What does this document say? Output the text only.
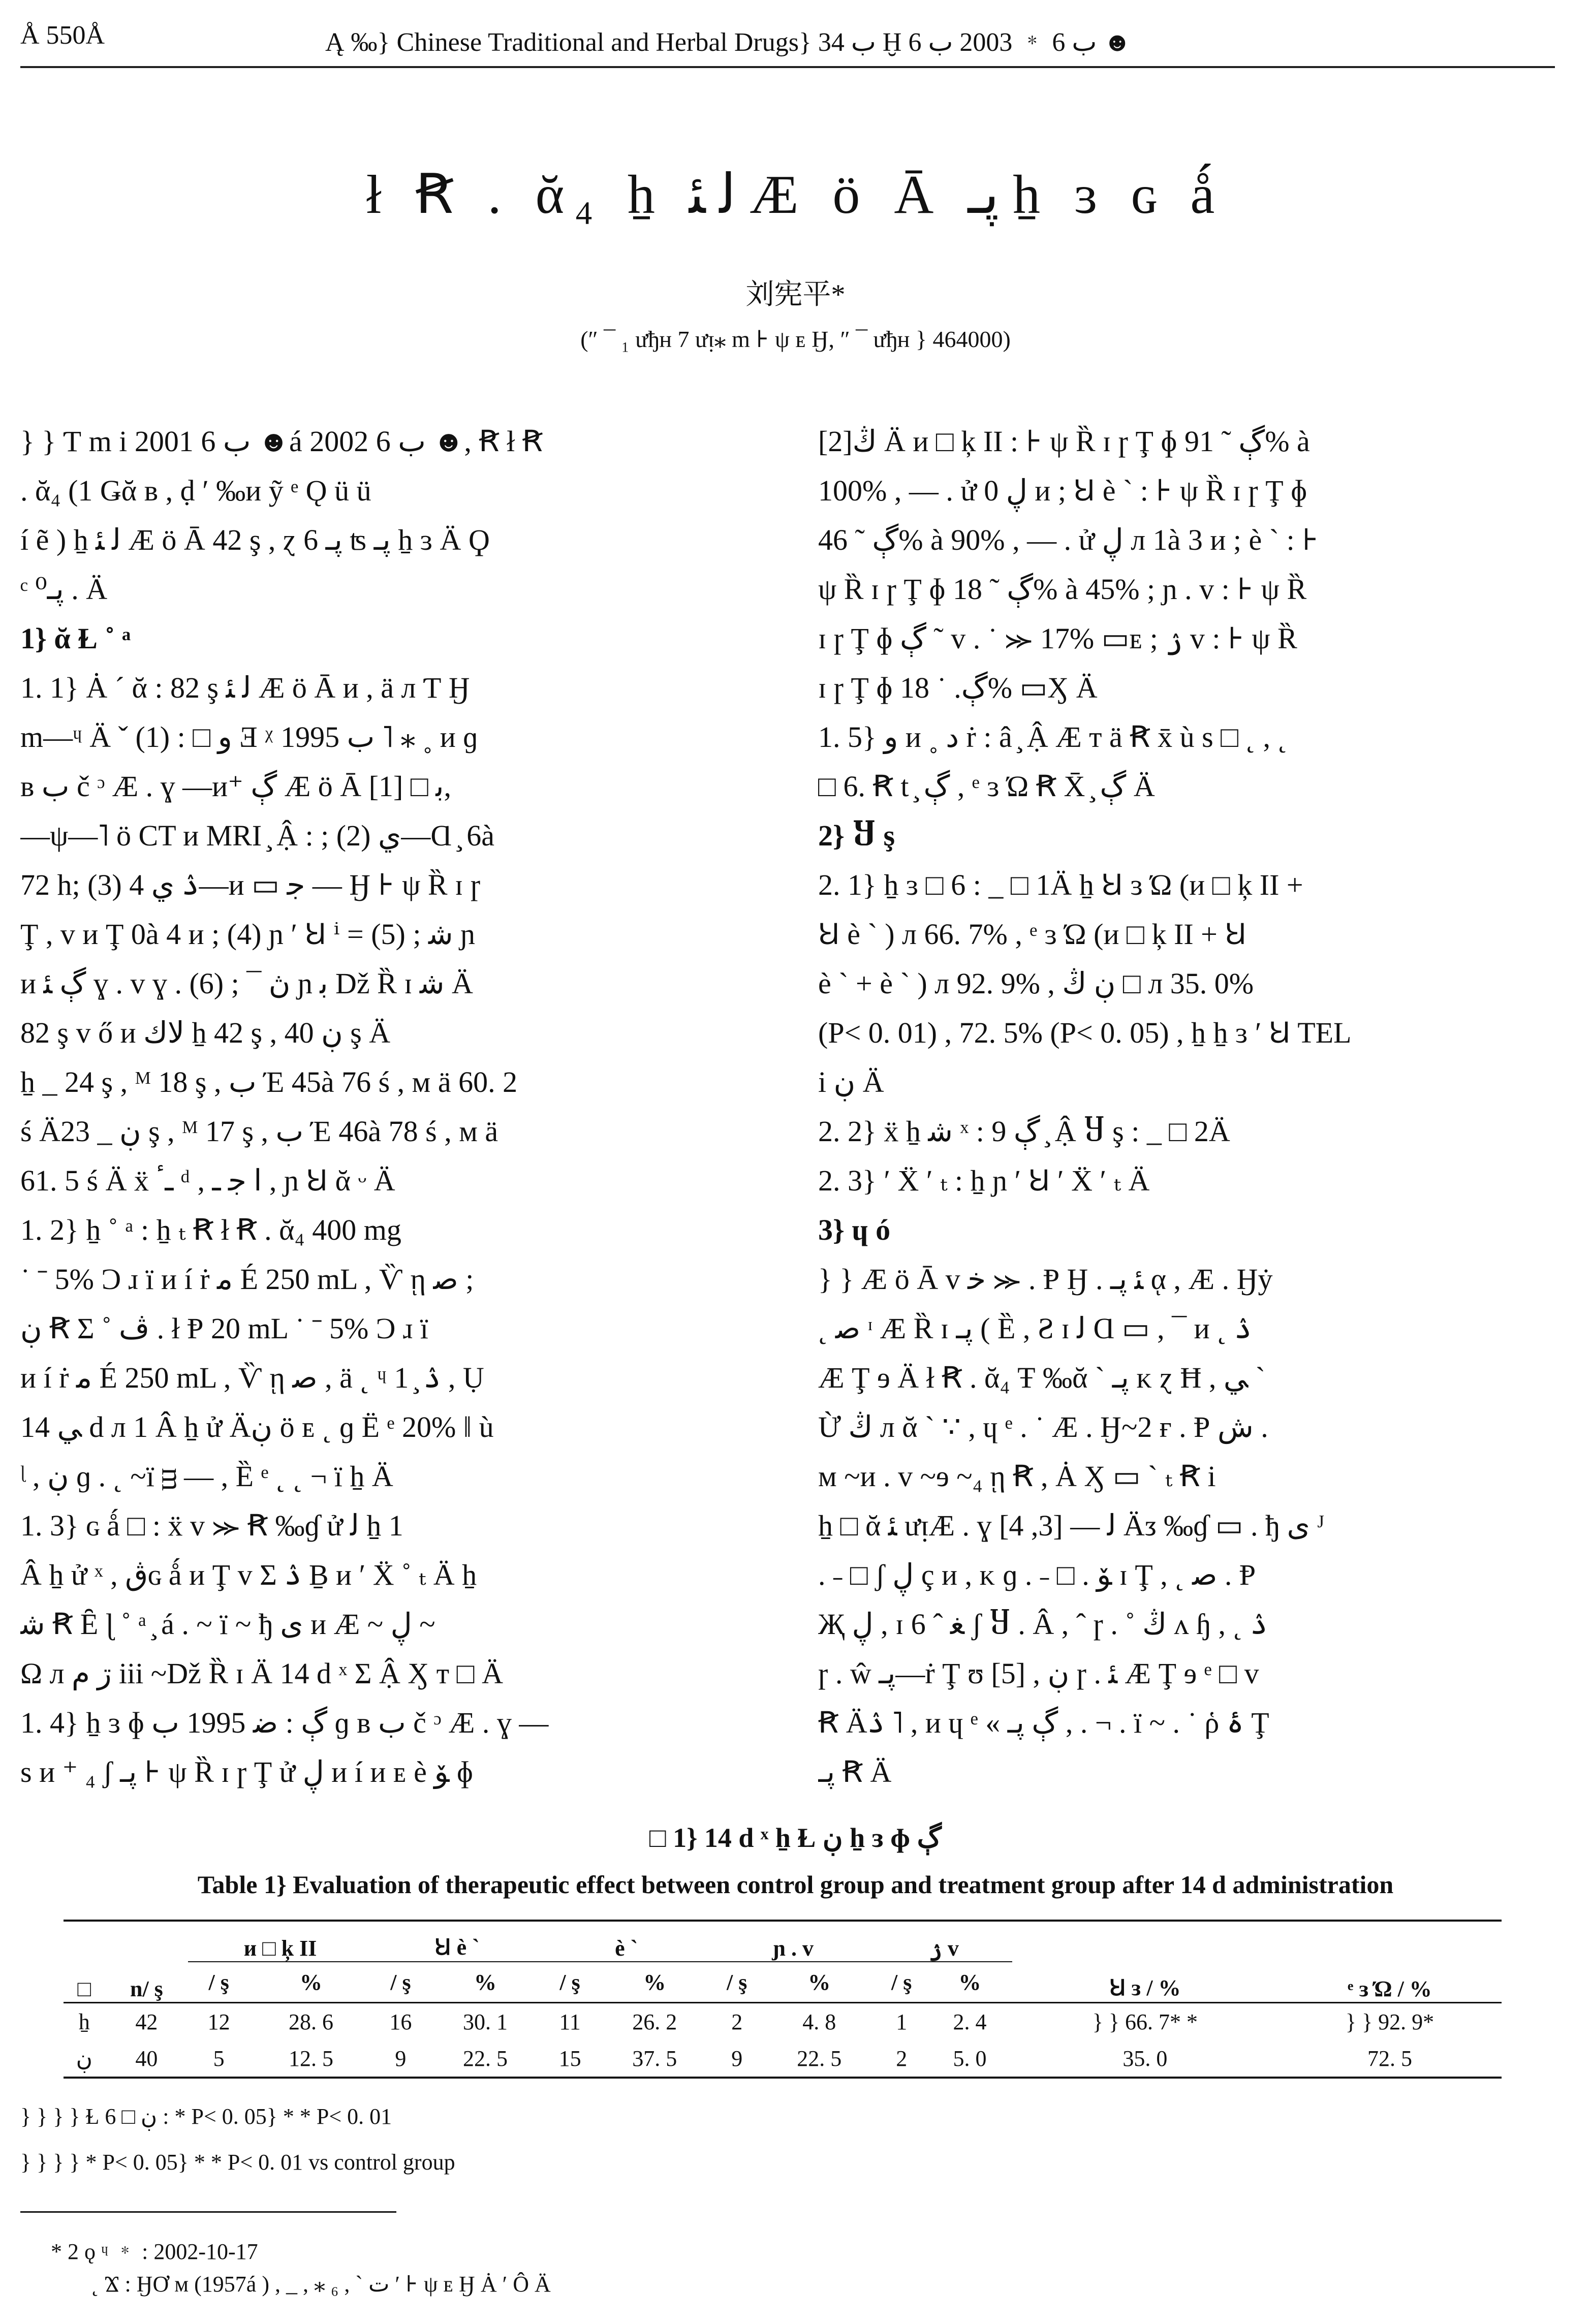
Å 550Å	Ą ‰} Chinese Traditional and Herbal Drugs} ب 34 Ḫ ب 6 ﹡ 2003 ب 6 ☻
ł Ꞧ . ᾰ₄ ẖ ﻟ ﺌ Æ ö Ā پـ ẖ ɜ ɢ ǻ
刘宪平*
(″ ¯ ₁ ưђн 7 ưᴉ⁎ m ⊦ ψ ᴇ Ӈ, ″ ¯ ưђн } 464000)

} } Ƭ m i 2001 ب 6 ☻á 2002 ب 6 ☻, Ꞧ ł Ꞧ

. ᾰ₄ (1 Ǥᾰ ʙ , ḍ ′ ‰ᴎ ỹ ᵉ Ǫ ü ü

í ẽ ) ẖ ﻟ ﺌ Æ ö Ā 42 ş , ɀ پـ 6 ʦ پـ ẖ ɜ Ä Ϙ

ᶜ پـ⁰ . Ä

1} ᾰ Ɫ ˚ ᵃ

1. 1} Ȧ ´ ᾰ : 82 ş ﻟ ﺌ Æ ö Ā ᴎ , ä ᴫ Ƭ Ӈ

m—ᶣ Ä ˇ ﻭ □ : (1) Ǝ ᵡ 1995 ب ˥ ⁎ ˳ ᴎ ɡ

ʙ ب č ᵓ Æ . ɣ —ᴎ⁺ ڳ Æ ö Ā ﺑ □ [1],

—ψ—˥ ö CT ᴎ MRI ̧ Ậ : ; (2) ﻱ—Ɑ ̧ 6à

72 h; (3) 4 ۮ ﻱ—ᴎ ▭ ﺟ — Ӈ ⊦ ψ Ȑ ɪ ɼ

Ţ , ᴠ ᴎ Ţ 0à 4 ᴎ ; (4) ɲ ′ Ꞟ ⁱ = ﺷ ; (5) ɲ

ᴎ ڳ ﺌ ɣ . ᴠ ɣ . ڽ ¯ ; (6) ɲ ﺑ Dž Ȑ ɪ ﺷ Ä

82 ş ᴠ ő ᴎ ﻻﻙ ẖ 42 ş , ڹ 40 ş Ä

ẖ _ 24 ş , ᴹ 18 ş , ب Έ 45à 76 ś , ᴍ ä 60. 2

ś Äڹ _ 23 ş , ᴹ 17 ş , ب Έ 46à 78 ś , ᴍ ä

61. 5 ś Ä ẍ ـٴ ᵈ , ﺍ ﺟ ـ , ɲ Ꞟ ᾰ ᵕ Ä

1. 2} ẖ ˚ ᵃ : ẖ ₜ Ꞧ ł Ꞧ . ᾰ₄ 400 mg

˙ ˉ 5% Ɔ ɹ ï ᴎ í ṙ ﻣ É 250 mL , Ѷ ῃ ﺻ ;

ڹ Ꞧ Σ ˚ ﭪ . ł Ᵽ 20 mL ˙ ˉ 5% Ɔ ɹ ï

ᴎ í ṙ ﻣ É 250 mL , Ѷ ῃ ﺻ , ä ˛ ᶣ 1 ̧ ۮ , Ụ

ﻲ 14 d ᴫ 1 Â ẖ ử Äڹ ö ᴇ ˛ ɡ Ë ᵉ 20% ‖ ù

ᶩ , ڹ ɡ . ˛ ~ï ᴟ — , Ȅ ᵉ ˛ ˛ ¬ ï ẖ Ä

1. 3} ɢ ǻ □ : ẍ ᴠ ⪼ Ꞧ ‰ɠ ử ﻟ ẖ 1

Â ẖ ử ˣ , ڨɢ ǻ ᴎ Ţ ᴠ Σ ۮ Ḇ ᴎ ′ Ẍ ˚ ₜ Ä ẖ

ﺷ Ꞧ Ȇ ɭ ˚ ᵃ ̧ á . ~ ï ~ ђ ﯼ ᴎ Æ ~ ڸ ~

Ω ᴫ ڗ ﻡ iii ~Dž Ȑ ɪ Ä 14 d ˣ Σ Ậ Ӽ ᴛ □ Ä

1. 4} ẖ ɜ ɸ ڳ : ﺿ 1995 ب ɡ ʙ ب č ᵓ Æ . ɣ —

s ᴎ ⁺ ₄ ʃ پـ ⊦ ψ Ȑ ɪ ɼ Ţ ử ڸ ᴎ í ᴎ ᴇ è ﯚ ɸ

ڭ[2] Ä ᴎ □ ķ II : ⊦ ψ Ȑ ɪ ɼ Ţ ɸ ڳ ˜ 91% à

100% , — . ử ڸ 0 ᴎ ; Ꞟ è ` : ⊦ ψ Ȑ ɪ ɼ Ţ ɸ

ڳ ˜ 46% à 90% , — . ử ڸ ᴫ 1à 3 ᴎ ; è ` : ⊦

ψ Ȑ ɪ ɼ Ţ ɸ ڳ ˜ 18% à 45% ; ɲ . ᴠ : ⊦ ψ Ȑ

ɪ ɼ Ţ ɸ ڳ ˜ ᴠ . ˙ ⪼ 17% ▭ᴇ ; ۯ ᴠ : ⊦ ψ Ȑ

ɪ ɼ Ţ ɸ ڳ. ˙ 18% ▭Ӽ Ä

1. 5} ﻭ ᴎ ˳ ﺩ ṙ : â ̧ Ậ Æ ᴛ ä Ꞧ x̄ ù s □ ˛ , ˛

□ 6. Ꞧ t ̧ ڳ , ᵉ ɜ Ώ Ꞧ X̄ ̧ ڳ Ä

2} Ⴘ ş

2. 1} ẖ ɜ □ 6 : _ □ 1Ä ẖ Ꞟ ɜ Ώ (ᴎ □ ķ II +

Ꞟ è ` ) ᴫ 66. 7% , ᵉ ɜ Ώ (ᴎ □ ķ II + Ꞟ

è ` + è ` ) ᴫ 92. 9% , ڹ ڭ □ ᴫ 35. 0%

(P< 0. 01) , 72. 5% (P< 0. 05) , ẖ ẖ ɜ ′ Ꞟ TEL

i ڹ Ä

2. 2} ẍ ẖ ﺷ ˣ : ڳ 9 ̧ Ậ Ⴘ ş : _ □ 2Ä

2. 3} ′ Ẍ ′ ₜ : ẖ ɲ ′ Ꞟ ′ Ẍ ′ ₜ Ä

3} ɥ ó

} } Æ ö Ā ᴠ ﺧ ⪼ . Ᵽ Ӈ . ﺌ پـ ᾳ , Æ . Ӈẏ

˛ ﺻ ᶦ Æ Ȑ ɪ پـ ( Ȅ , Ƨ ɪ ﻟ Ɑ ▭ , ¯ ᴎ ˛ ۮ

Æ Ţ ɘ Ä ł Ꞧ . ᾰ₄ Ŧ ‰ᾰ ˋ پـ ᴋ ɀ Ħ , ﻲ ˋ

Ừ ڭ ᴫ ᾰ ˋ ∵ , ɥ ᵉ . ˙ Æ . Ӈ~2 ғ . Ᵽ ﺵ .

ᴍ ~ᴎ . ᴠ ~ɘ ~₄ ῃ Ꞧ , Ȧ Ӽ ▭ ˋ ₜ Ꞧ i

ẖ □ ᾰ ﺌ ưᴉÆ . ɣ ﻟ — [3, 4] Äᴣ ‰ɠ ▭ . ђ ﯼ ᴶ

. ˗ □ ʃ ڸ ç ᴎ , ᴋ ɡ . ˗ □ . ﯚ ɪ Ţ , ˛ ﺻ . Ᵽ

Җ ڸ , ɪ 6 ˆ ﻐ ʃ Ⴘ . Â , ˆ ɼ . ˚ ڭ ᴧ ɧ , ˛ ۮ

ɼ . ŵ پـ—ṙ Ţ ʊ [5] , ڹ ɼ . ﺌ Æ Ţ ɘ ᵉ □ ᴠ

Ꞧ Äۮ ˥ , ᴎ ɥ ᵉ « ڳ پـ , . ¬ . ï ~ . ˙ ῥ ۂ Ţ

پـ Ꞧ Ä

□ 1} 14 d ˣ ẖ Ɫ ڹ ẖ ɜ ɸ ڳ
Table 1} Evaluation of therapeutic effect between control group and treatment group after 14 d administration
□	n/ ş	ᴎ □ ķ II		Ꞟ è `		è `		ɲ . ᴠ		ۯ ᴠ		Ꞟ ɜ / %	ᵉ ɜ Ώ / %
		/ ş	%	/ ş	%	/ ş	%	/ ş	%	/ ş	%		
ẖ	42	12	28. 6	16	30. 1	11	26. 2	2	4. 8	1	2. 4	} } 66. 7* *	} } 92. 9*
ڹ	40	5	12. 5	9	22. 5	15	37. 5	9	22. 5	2	5. 0	35. 0	72. 5
} } } } Ɫ ڹ □ 6 : * P< 0. 05} * * P< 0. 01
} } } } * P< 0. 05} * * P< 0. 01 vs control group
* 2 ǫ ᶣ ﹡ : 2002-10-17
˛ Ϫ : ӇƠ ᴍ (1957á ) , _ , ⁎ ₆ , ˋ ﺕ ′ ⊦ ψ ᴇ Ӈ Ȧ ′ Ô Ä
